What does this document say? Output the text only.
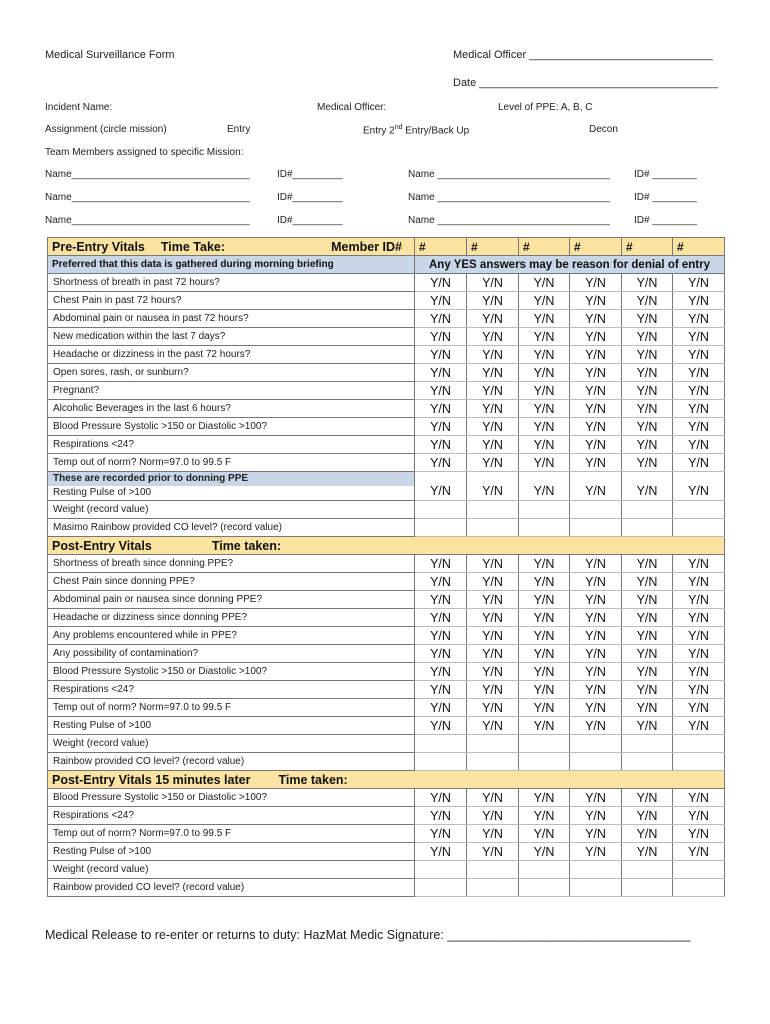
Medical Surveillance Form	Medical Officer ______________________________
Date _______________________________________
Incident Name:	Medical Officer:	Level of PPE: A, B, C
Assignment (circle mission)	Entry	Entry 2nd Entry/Back Up	Decon
Team Members assigned to specific Mission:
Name________________________________	ID#_________	Name _______________________________ ID# ________
Name________________________________	ID#_________	Name _______________________________ ID# ________
Name________________________________	ID#_________	Name _______________________________ ID# ________
Pre-Entry Vitals Time Take: Member ID#	#	#	#	#	#	#
Preferred that this data is gathered during morning briefing	Any YES answers may be reason for denial of entry					
Shortness of breath in past 72 hours?	Y/N	Y/N	Y/N	Y/N	Y/N	Y/N
Chest Pain in past 72 hours?	Y/N	Y/N	Y/N	Y/N	Y/N	Y/N
Abdominal pain or nausea in past 72 hours?	Y/N	Y/N	Y/N	Y/N	Y/N	Y/N
New medication within the last 7 days?	Y/N	Y/N	Y/N	Y/N	Y/N	Y/N
Headache or dizziness in the past 72 hours?	Y/N	Y/N	Y/N	Y/N	Y/N	Y/N
Open sores, rash, or sunburn?	Y/N	Y/N	Y/N	Y/N	Y/N	Y/N
Pregnant?	Y/N	Y/N	Y/N	Y/N	Y/N	Y/N
Alcoholic Beverages in the last 6 hours?	Y/N	Y/N	Y/N	Y/N	Y/N	Y/N
Blood Pressure Systolic >150 or Diastolic >100?	Y/N	Y/N	Y/N	Y/N	Y/N	Y/N
Respirations <24?	Y/N	Y/N	Y/N	Y/N	Y/N	Y/N
Temp out of norm? Norm=97.0 to 99.5 F	Y/N	Y/N	Y/N	Y/N	Y/N	Y/N

These are recorded prior to donning PPE
Resting Pulse of >100	Y/N	Y/N	Y/N	Y/N	Y/N	Y/N
Weight (record value)						
Masimo Rainbow provided CO level? (record value)						
Post-Entry Vitals Time taken:						
Shortness of breath since donning PPE?	Y/N	Y/N	Y/N	Y/N	Y/N	Y/N
Chest Pain since donning PPE?	Y/N	Y/N	Y/N	Y/N	Y/N	Y/N
Abdominal pain or nausea since donning PPE?	Y/N	Y/N	Y/N	Y/N	Y/N	Y/N
Headache or dizziness since donning PPE?	Y/N	Y/N	Y/N	Y/N	Y/N	Y/N
Any problems encountered while in PPE?	Y/N	Y/N	Y/N	Y/N	Y/N	Y/N
Any possibility of contamination?	Y/N	Y/N	Y/N	Y/N	Y/N	Y/N
Blood Pressure Systolic >150 or Diastolic >100?	Y/N	Y/N	Y/N	Y/N	Y/N	Y/N
Respirations <24?	Y/N	Y/N	Y/N	Y/N	Y/N	Y/N
Temp out of norm? Norm=97.0 to 99.5 F	Y/N	Y/N	Y/N	Y/N	Y/N	Y/N
Resting Pulse of >100	Y/N	Y/N	Y/N	Y/N	Y/N	Y/N
Weight (record value)						
Rainbow provided CO level? (record value)						
Post-Entry Vitals 15 minutes later Time taken:						
Blood Pressure Systolic >150 or Diastolic >100?	Y/N	Y/N	Y/N	Y/N	Y/N	Y/N
Respirations <24?	Y/N	Y/N	Y/N	Y/N	Y/N	Y/N
Temp out of norm? Norm=97.0 to 99.5 F	Y/N	Y/N	Y/N	Y/N	Y/N	Y/N
Resting Pulse of >100	Y/N	Y/N	Y/N	Y/N	Y/N	Y/N
Weight (record value)						
Rainbow provided CO level? (record value)						
Medical Release to re-enter or returns to duty: HazMat Medic Signature: ___________________________________
